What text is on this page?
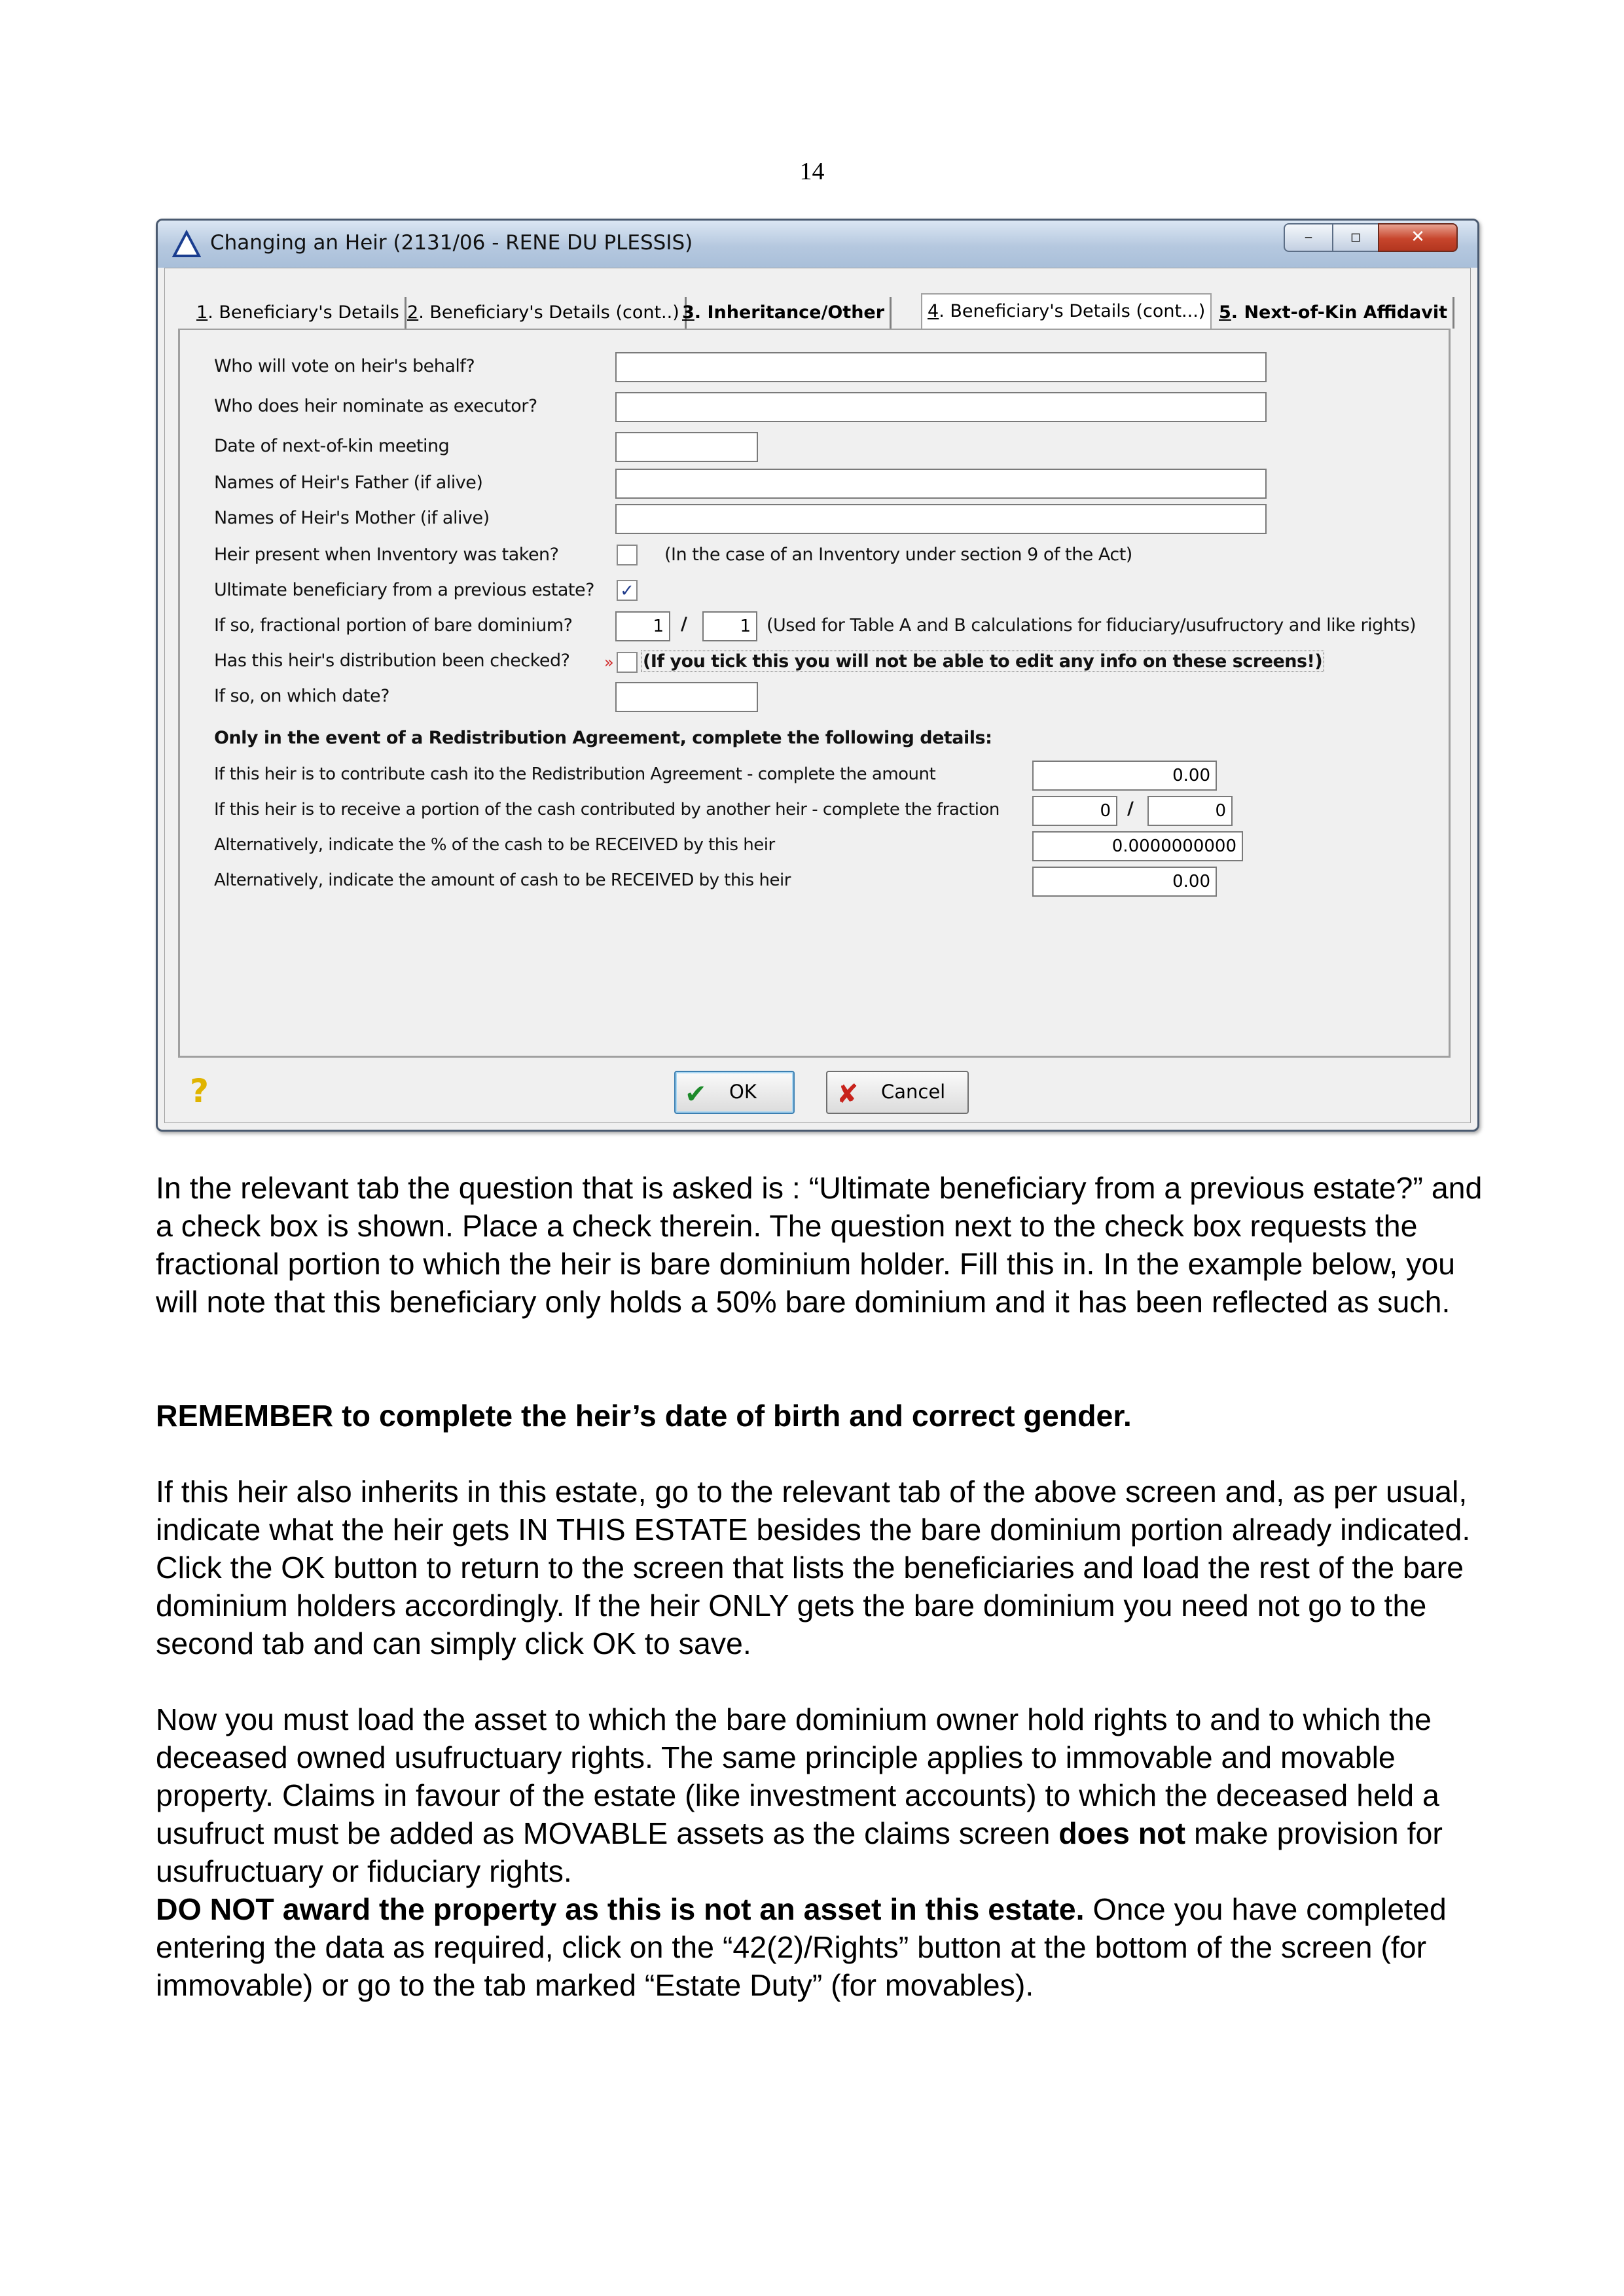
14
Changing an Heir (2131/06 - RENE DU PLESSIS)	–	▫	✕
1. Beneficiary's Details 2. Beneficiary's Details (cont..) 3. Inheritance/Other	4. Beneficiary's Details (cont...) 5. Next-of-Kin Affidavit
Who will vote on heir's behalf?
Who does heir nominate as executor?
Date of next-of-kin meeting
Names of Heir's Father (if alive)
Names of Heir's Mother (if alive)
Heir present when Inventory was taken?	(In the case of an Inventory under section 9 of the Act)
Ultimate beneficiary from a previous estate? ✓
If so, fractional portion of bare dominium?	1 /	1 (Used for Table A and B calculations for fiduciary/usufructory and like rights)
Has this heir's distribution been checked? » (If you tick this you will not be able to edit any info on these screens!)
If so, on which date?
Only in the event of a Redistribution Agreement, complete the following details:
If this heir is to contribute cash ito the Redistribution Agreement - complete the amount	0.00
If this heir is to receive a portion of the cash contributed by another heir - complete the fraction	0 /	0
Alternatively, indicate the % of the cash to be RECEIVED by this heir	0.0000000000
Alternatively, indicate the amount of cash to be RECEIVED by this heir	0.00
?	✔ OK	✘ Cancel

In the relevant tab the question that is asked is : “Ultimate beneficiary from a previous estate?” and a check box is shown. Place a check therein. The question next to the check box requests the fractional portion to which the heir is bare dominium holder. Fill this in. In the example below, you will note that this beneficiary only holds a 50% bare dominium and it has been reflected as such.

REMEMBER to complete the heir’s date of birth and correct gender.

If this heir also inherits in this estate, go to the relevant tab of the above screen and, as per usual, indicate what the heir gets IN THIS ESTATE besides the bare dominium portion already indicated. Click the OK button to return to the screen that lists the beneficiaries and load the rest of the bare dominium holders accordingly. If the heir ONLY gets the bare dominium you need not go to the second tab and can simply click OK to save.

Now you must load the asset to which the bare dominium owner hold rights to and to which the deceased owned usufructuary rights. The same principle applies to immovable and movable property. Claims in favour of the estate (like investment accounts) to which the deceased held a usufruct must be added as MOVABLE assets as the claims screen does not make provision for usufructuary or fiduciary rights.

DO NOT award the property as this is not an asset in this estate. Once you have completed entering the data as required, click on the “42(2)/Rights” button at the bottom of the screen (for immovable) or go to the tab marked “Estate Duty” (for movables).
